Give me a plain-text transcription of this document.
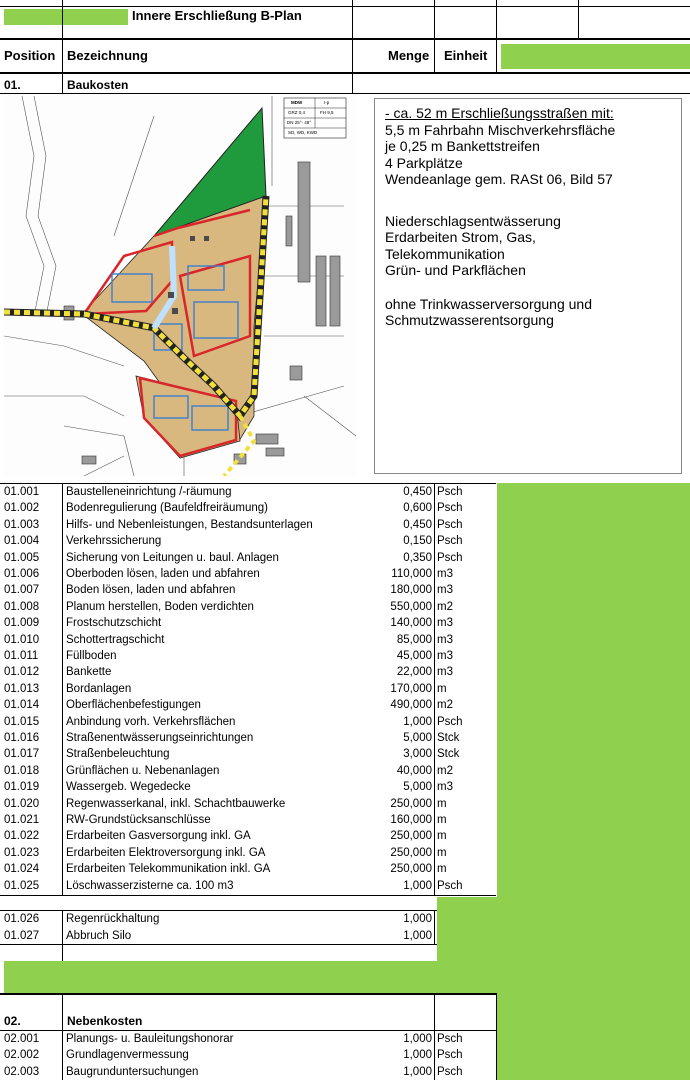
Innere Erschließung B-Plan
Position Bezeichnung	Menge Einheit
01.	Baukosten
MDW	I-p
GRZ 0,4	FH 9,5
DN 25°- 48°
SD, WD, KWD
- ca. 52 m Erschließungsstraßen mit:
5,5 m Fahrbahn Mischverkehrsfläche
je 0,25 m Bankettstreifen
4 Parkplätze
Wendeanlage gem. RASt 06, Bild 57
Niederschlagsentwässerung
Erdarbeiten Strom, Gas,
Telekommunikation
Grün- und Parkflächen
ohne Trinkwasserversorgung und
Schmutzwasserentsorgung
01.001 Baustelleneinrichtung /-räumung	0,450 Psch
01.002 Bodenregulierung (Baufeldfreiräumung)	0,600 Psch
01.003 Hilfs- und Nebenleistungen, Bestandsunterlagen	0,450 Psch
01.004 Verkehrssicherung	0,150 Psch
01.005 Sicherung von Leitungen u. baul. Anlagen	0,350 Psch
01.006 Oberboden lösen, laden und abfahren	110,000 m3
01.007 Boden lösen, laden und abfahren	180,000 m3
01.008 Planum herstellen, Boden verdichten	550,000 m2
01.009 Frostschutzschicht	140,000 m3
01.010 Schottertragschicht	85,000 m3
01.011 Füllboden	45,000 m3
01.012 Bankette	22,000 m3
01.013 Bordanlagen	170,000 m
01.014 Oberflächenbefestigungen	490,000 m2
01.015 Anbindung vorh. Verkehrsflächen	1,000 Psch
01.016 Straßenentwässerungseinrichtungen	5,000 Stck
01.017 Straßenbeleuchtung	3,000 Stck
01.018 Grünflächen u. Nebenanlagen	40,000 m2
01.019 Wassergeb. Wegedecke	5,000 m3
01.020 Regenwasserkanal, inkl. Schachtbauwerke	250,000 m
01.021 RW-Grundstücksanschlüsse	160,000 m
01.022 Erdarbeiten Gasversorgung inkl. GA	250,000 m
01.023 Erdarbeiten Elektroversorgung inkl. GA	250,000 m
01.024 Erdarbeiten Telekommunikation inkl. GA	250,000 m
01.025 Löschwasserzisterne ca. 100 m3	1,000 Psch
01.026 Regenrückhaltung	1,000
01.027 Abbruch Silo	1,000
02.	Nebenkosten
02.001 Planungs- u. Bauleitungshonorar	1,000 Psch
02.002 Grundlagenvermessung	1,000 Psch
02.003 Baugrunduntersuchungen	1,000 Psch
